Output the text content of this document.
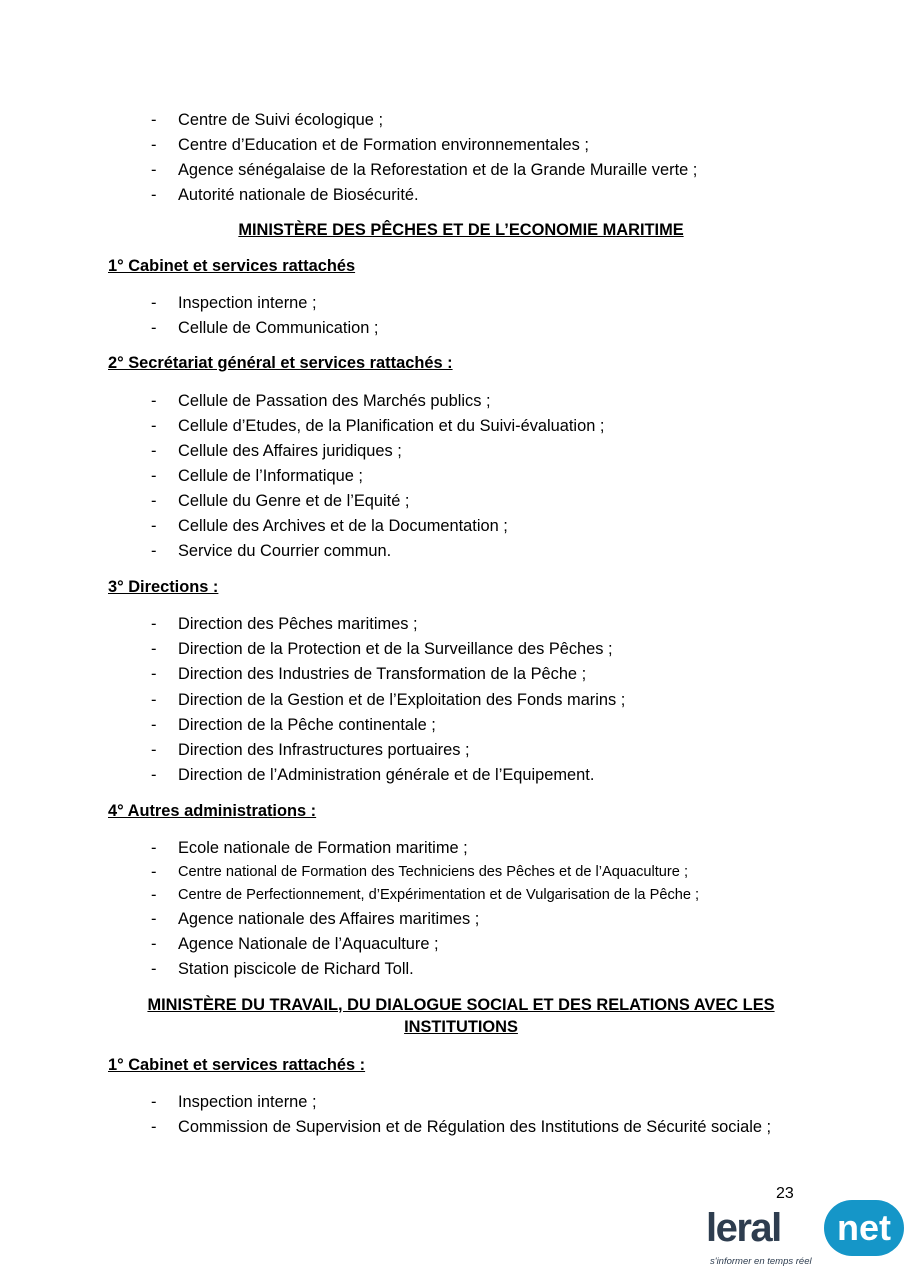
-	Centre de Suivi écologique ;
-	Centre d’Education et de Formation environnementales ;
-	Agence sénégalaise de la Reforestation et de la Grande Muraille verte ;
-	Autorité nationale de Biosécurité.
MINISTÈRE DES PÊCHES ET DE L’ECONOMIE MARITIME
1° Cabinet et services rattachés
-	Inspection interne ;
-	Cellule de Communication ;
2° Secrétariat général et services rattachés :
-	Cellule de Passation des Marchés publics ;
-	Cellule d’Etudes, de la Planification et du Suivi-évaluation ;
-	Cellule des Affaires juridiques ;
-	Cellule de l’Informatique ;
-	Cellule du Genre et de l’Equité ;
-	Cellule des Archives et de la Documentation ;
-	Service du Courrier commun.
3° Directions :
-	Direction des Pêches maritimes ;
-	Direction de la Protection et de la Surveillance des Pêches ;
-	Direction des Industries de Transformation de la Pêche ;
-	Direction de la Gestion et de l’Exploitation des Fonds marins ;
-	Direction de la Pêche continentale ;
-	Direction des Infrastructures portuaires ;
-	Direction de l’Administration générale et de l’Equipement.
4° Autres administrations :
-	Ecole nationale de Formation maritime ;
-	Centre national de Formation des Techniciens des Pêches et de l’Aquaculture ;
-	Centre de Perfectionnement, d’Expérimentation et de Vulgarisation de la Pêche ;
-	Agence nationale des Affaires maritimes ;
-	Agence Nationale de l’Aquaculture ;
-	Station piscicole de Richard Toll.
MINISTÈRE DU TRAVAIL, DU DIALOGUE SOCIAL ET DES RELATIONS AVEC LES INSTITUTIONS
1° Cabinet et services rattachés :
-	Inspection interne ;
-	Commission de Supervision et de Régulation des Institutions de Sécurité sociale ;
23
leral	net
s'informer en temps réel
